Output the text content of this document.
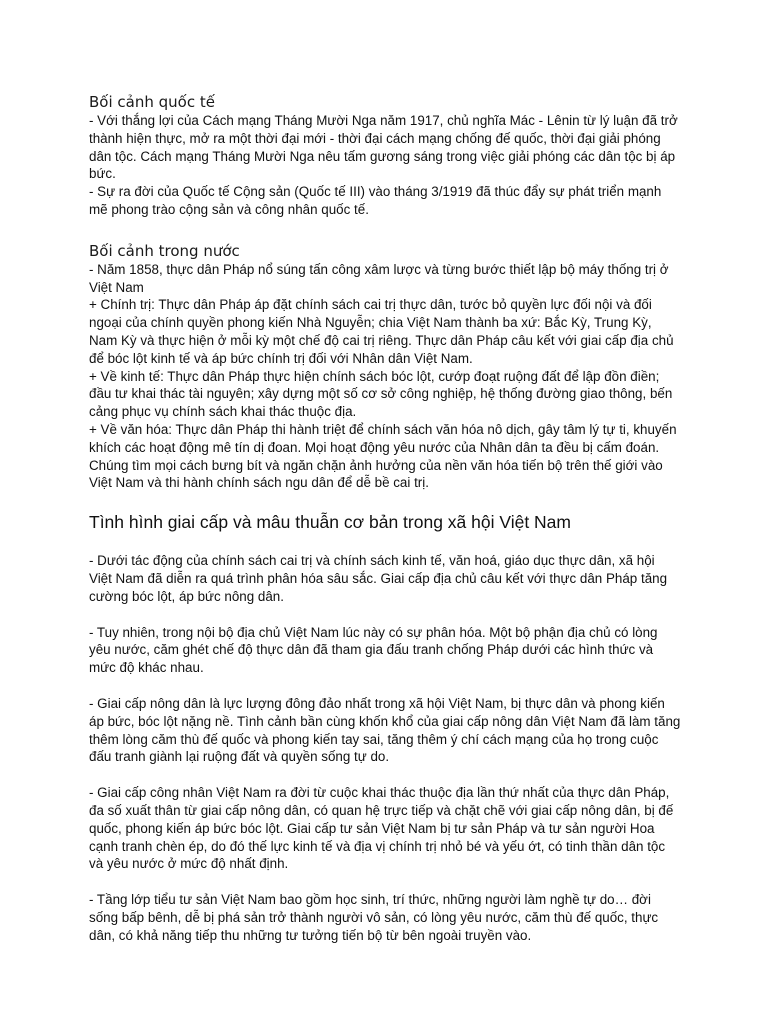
Bối cảnh quốc tế

- Với thắng lợi của Cách mạng Tháng Mười Nga năm 1917, chủ nghĩa Mác - Lênin từ lý luận đã trở thành hiện thực, mở ra một thời đại mới - thời đại cách mạng chống đế quốc, thời đại giải phóng dân tộc. Cách mạng Tháng Mười Nga nêu tấm gương sáng trong việc giải phóng các dân tộc bị áp bức.

- Sự ra đời của Quốc tế Cộng sản (Quốc tế III) vào tháng 3/1919 đã thúc đẩy sự phát triển mạnh mẽ phong trào cộng sản và công nhân quốc tế.

Bối cảnh trong nước

- Năm 1858, thực dân Pháp nổ súng tấn công xâm lược và từng bước thiết lập bộ máy thống trị ở Việt Nam

+ Chính trị: Thực dân Pháp áp đặt chính sách cai trị thực dân, tước bỏ quyền lực đối nội và đối ngoại của chính quyền phong kiến Nhà Nguyễn; chia Việt Nam thành ba xứ: Bắc Kỳ, Trung Kỳ, Nam Kỳ và thực hiện ở mỗi kỳ một chế độ cai trị riêng. Thực dân Pháp câu kết với giai cấp địa chủ để bóc lột kinh tế và áp bức chính trị đối với Nhân dân Việt Nam.

+ Về kinh tế: Thực dân Pháp thực hiện chính sách bóc lột, cướp đoạt ruộng đất để lập đồn điền; đầu tư khai thác tài nguyên; xây dựng một số cơ sở công nghiệp, hệ thống đường giao thông, bến cảng phục vụ chính sách khai thác thuộc địa.

+ Về văn hóa: Thực dân Pháp thi hành triệt để chính sách văn hóa nô dịch, gây tâm lý tự ti, khuyến khích các hoạt động mê tín dị đoan. Mọi hoạt động yêu nước của Nhân dân ta đều bị cấm đoán. Chúng tìm mọi cách bưng bít và ngăn chặn ảnh hưởng của nền văn hóa tiến bộ trên thế giới vào Việt Nam và thi hành chính sách ngu dân để dễ bề cai trị.

Tình hình giai cấp và mâu thuẫn cơ bản trong xã hội Việt Nam

- Dưới tác động của chính sách cai trị và chính sách kinh tế, văn hoá, giáo dục thực dân, xã hội Việt Nam đã diễn ra quá trình phân hóa sâu sắc. Giai cấp địa chủ câu kết với thực dân Pháp tăng cường bóc lột, áp bức nông dân.

- Tuy nhiên, trong nội bộ địa chủ Việt Nam lúc này có sự phân hóa. Một bộ phận địa chủ có lòng yêu nước, căm ghét chế độ thực dân đã tham gia đấu tranh chống Pháp dưới các hình thức và mức độ khác nhau.

- Giai cấp nông dân là lực lượng đông đảo nhất trong xã hội Việt Nam, bị thực dân và phong kiến áp bức, bóc lột nặng nề. Tình cảnh bần cùng khốn khổ của giai cấp nông dân Việt Nam đã làm tăng thêm lòng căm thù đế quốc và phong kiến tay sai, tăng thêm ý chí cách mạng của họ trong cuộc đấu tranh giành lại ruộng đất và quyền sống tự do.

- Giai cấp công nhân Việt Nam ra đời từ cuộc khai thác thuộc địa lần thứ nhất của thực dân Pháp, đa số xuất thân từ giai cấp nông dân, có quan hệ trực tiếp và chặt chẽ với giai cấp nông dân, bị đế quốc, phong kiến áp bức bóc lột. Giai cấp tư sản Việt Nam bị tư sản Pháp và tư sản người Hoa cạnh tranh chèn ép, do đó thế lực kinh tế và địa vị chính trị nhỏ bé và yếu ớt, có tinh thần dân tộc và yêu nước ở mức độ nhất định.

- Tầng lớp tiểu tư sản Việt Nam bao gồm học sinh, trí thức, những người làm nghề tự do… đời sống bấp bênh, dễ bị phá sản trở thành người vô sản, có lòng yêu nước, căm thù đế quốc, thực dân, có khả năng tiếp thu những tư tưởng tiến bộ từ bên ngoài truyền vào.
